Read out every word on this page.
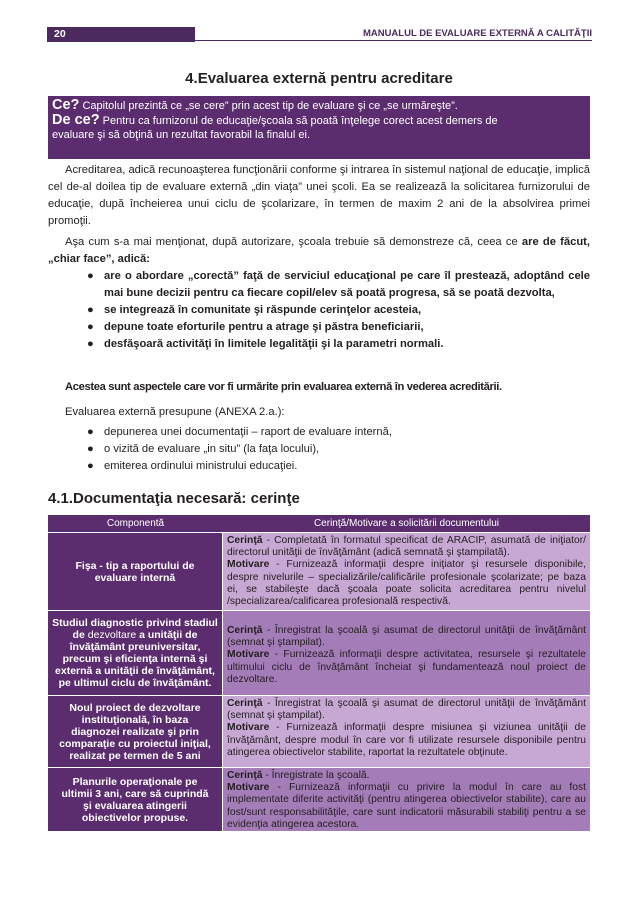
20	MANUALUL DE EVALUARE EXTERNĂ A CALITĂŢII
4.Evaluarea externă pentru acreditare
Ce? Capitolul prezintă ce „se cere” prin acest tip de evaluare şi ce „se urmăreşte”.
De ce? Pentru ca furnizorul de educaţie/şcoala să poată înţelege corect acest demers de
evaluare şi să obţină un rezultat favorabil la finalul ei.

Acreditarea, adică recunoaşterea funcţionării conforme şi intrarea în sistemul naţional de educaţie, implică cel de-al doilea tip de evaluare externă „din viaţa” unei şcoli. Ea se realizează la solicitarea furnizorului de educaţie, după încheierea unui ciclu de şcolarizare, în termen de maxim 2 ani de la absolvirea primei promoţii.

Aşa cum s-a mai menţionat, după autorizare, şcoala trebuie să demonstreze că, ceea ce are de făcut, „chiar face”, adică:

● are o abordare „corectă” faţă de serviciul educaţional pe care îl prestează, adoptând cele mai bune decizii pentru ca fiecare copil/elev să poată progresa, să se poată dezvolta,
● se integrează în comunitate şi răspunde cerinţelor acesteia,
● depune toate eforturile pentru a atrage şi păstra beneficiarii,
● desfăşoară activităţi în limitele legalităţii şi la parametri normali.

Acestea sunt aspectele care vor fi urmărite prin evaluarea externă în vederea acreditării.

Evaluarea externă presupune (ANEXA 2.a.):

● depunerea unei documentaţii – raport de evaluare internă,
● o vizită de evaluare „in situ” (la faţa locului),
● emiterea ordinului ministrului educaţiei.
4.1.Documentaţia necesară: cerinţe
Componentă	Cerinţă/Motivare a solicitării documentului
Fişa - tip a raportului de evaluare internă
Cerinţă - Completată în formatul specificat de ARACIP, asumată de iniţiator/ directorul unităţii de învăţământ (adică semnată şi ştampilată).
Motivare - Furnizează informaţii despre iniţiator şi resursele disponibile, despre nivelurile – specializările/calificările profesionale şcolarizate; pe baza ei, se stabileşte dacă şcoala poate solicita acreditarea pentru nivelul /specializarea/calificarea profesională respectivă.
Studiul diagnostic privind stadiul de dezvoltare a unităţii de învăţământ preuniversitar, precum şi eficienţa internă şi externă a unităţii de învăţământ, pe ultimul ciclu de învăţământ.
Cerinţă - Înregistrat la şcoală şi asumat de directorul unităţii de învăţământ (semnat şi ştampilat).
Motivare - Furnizează informaţii despre activitatea, resursele şi rezultatele ultimului ciclu de învăţământ încheiat şi fundamentează noul proiect de dezvoltare.
Noul proiect de dezvoltare instituţională, în baza diagnozei realizate şi prin comparaţie cu proiectul iniţial, realizat pe termen de 5 ani
Cerinţă - Înregistrat la şcoală şi asumat de directorul unităţii de învăţământ (semnat şi ştampilat).
Motivare - Furnizează informaţii despre misiunea şi viziunea unităţii de învăţământ, despre modul în care vor fi utilizate resursele disponibile pentru atingerea obiectivelor stabilite, raportat la rezultatele obţinute.
Planurile operaţionale pe ultimii 3 ani, care să cuprindă şi evaluarea atingerii obiectivelor propuse.
Cerinţă - Înregistrate la şcoală.
Motivare - Furnizează informaţii cu privire la modul în care au fost implementate diferite activităţi (pentru atingerea obiectivelor stabilite), care au fost/sunt responsabilităţile, care sunt indicatorii măsurabili stabiliţi pentru a se evidenţia atingerea acestora.
